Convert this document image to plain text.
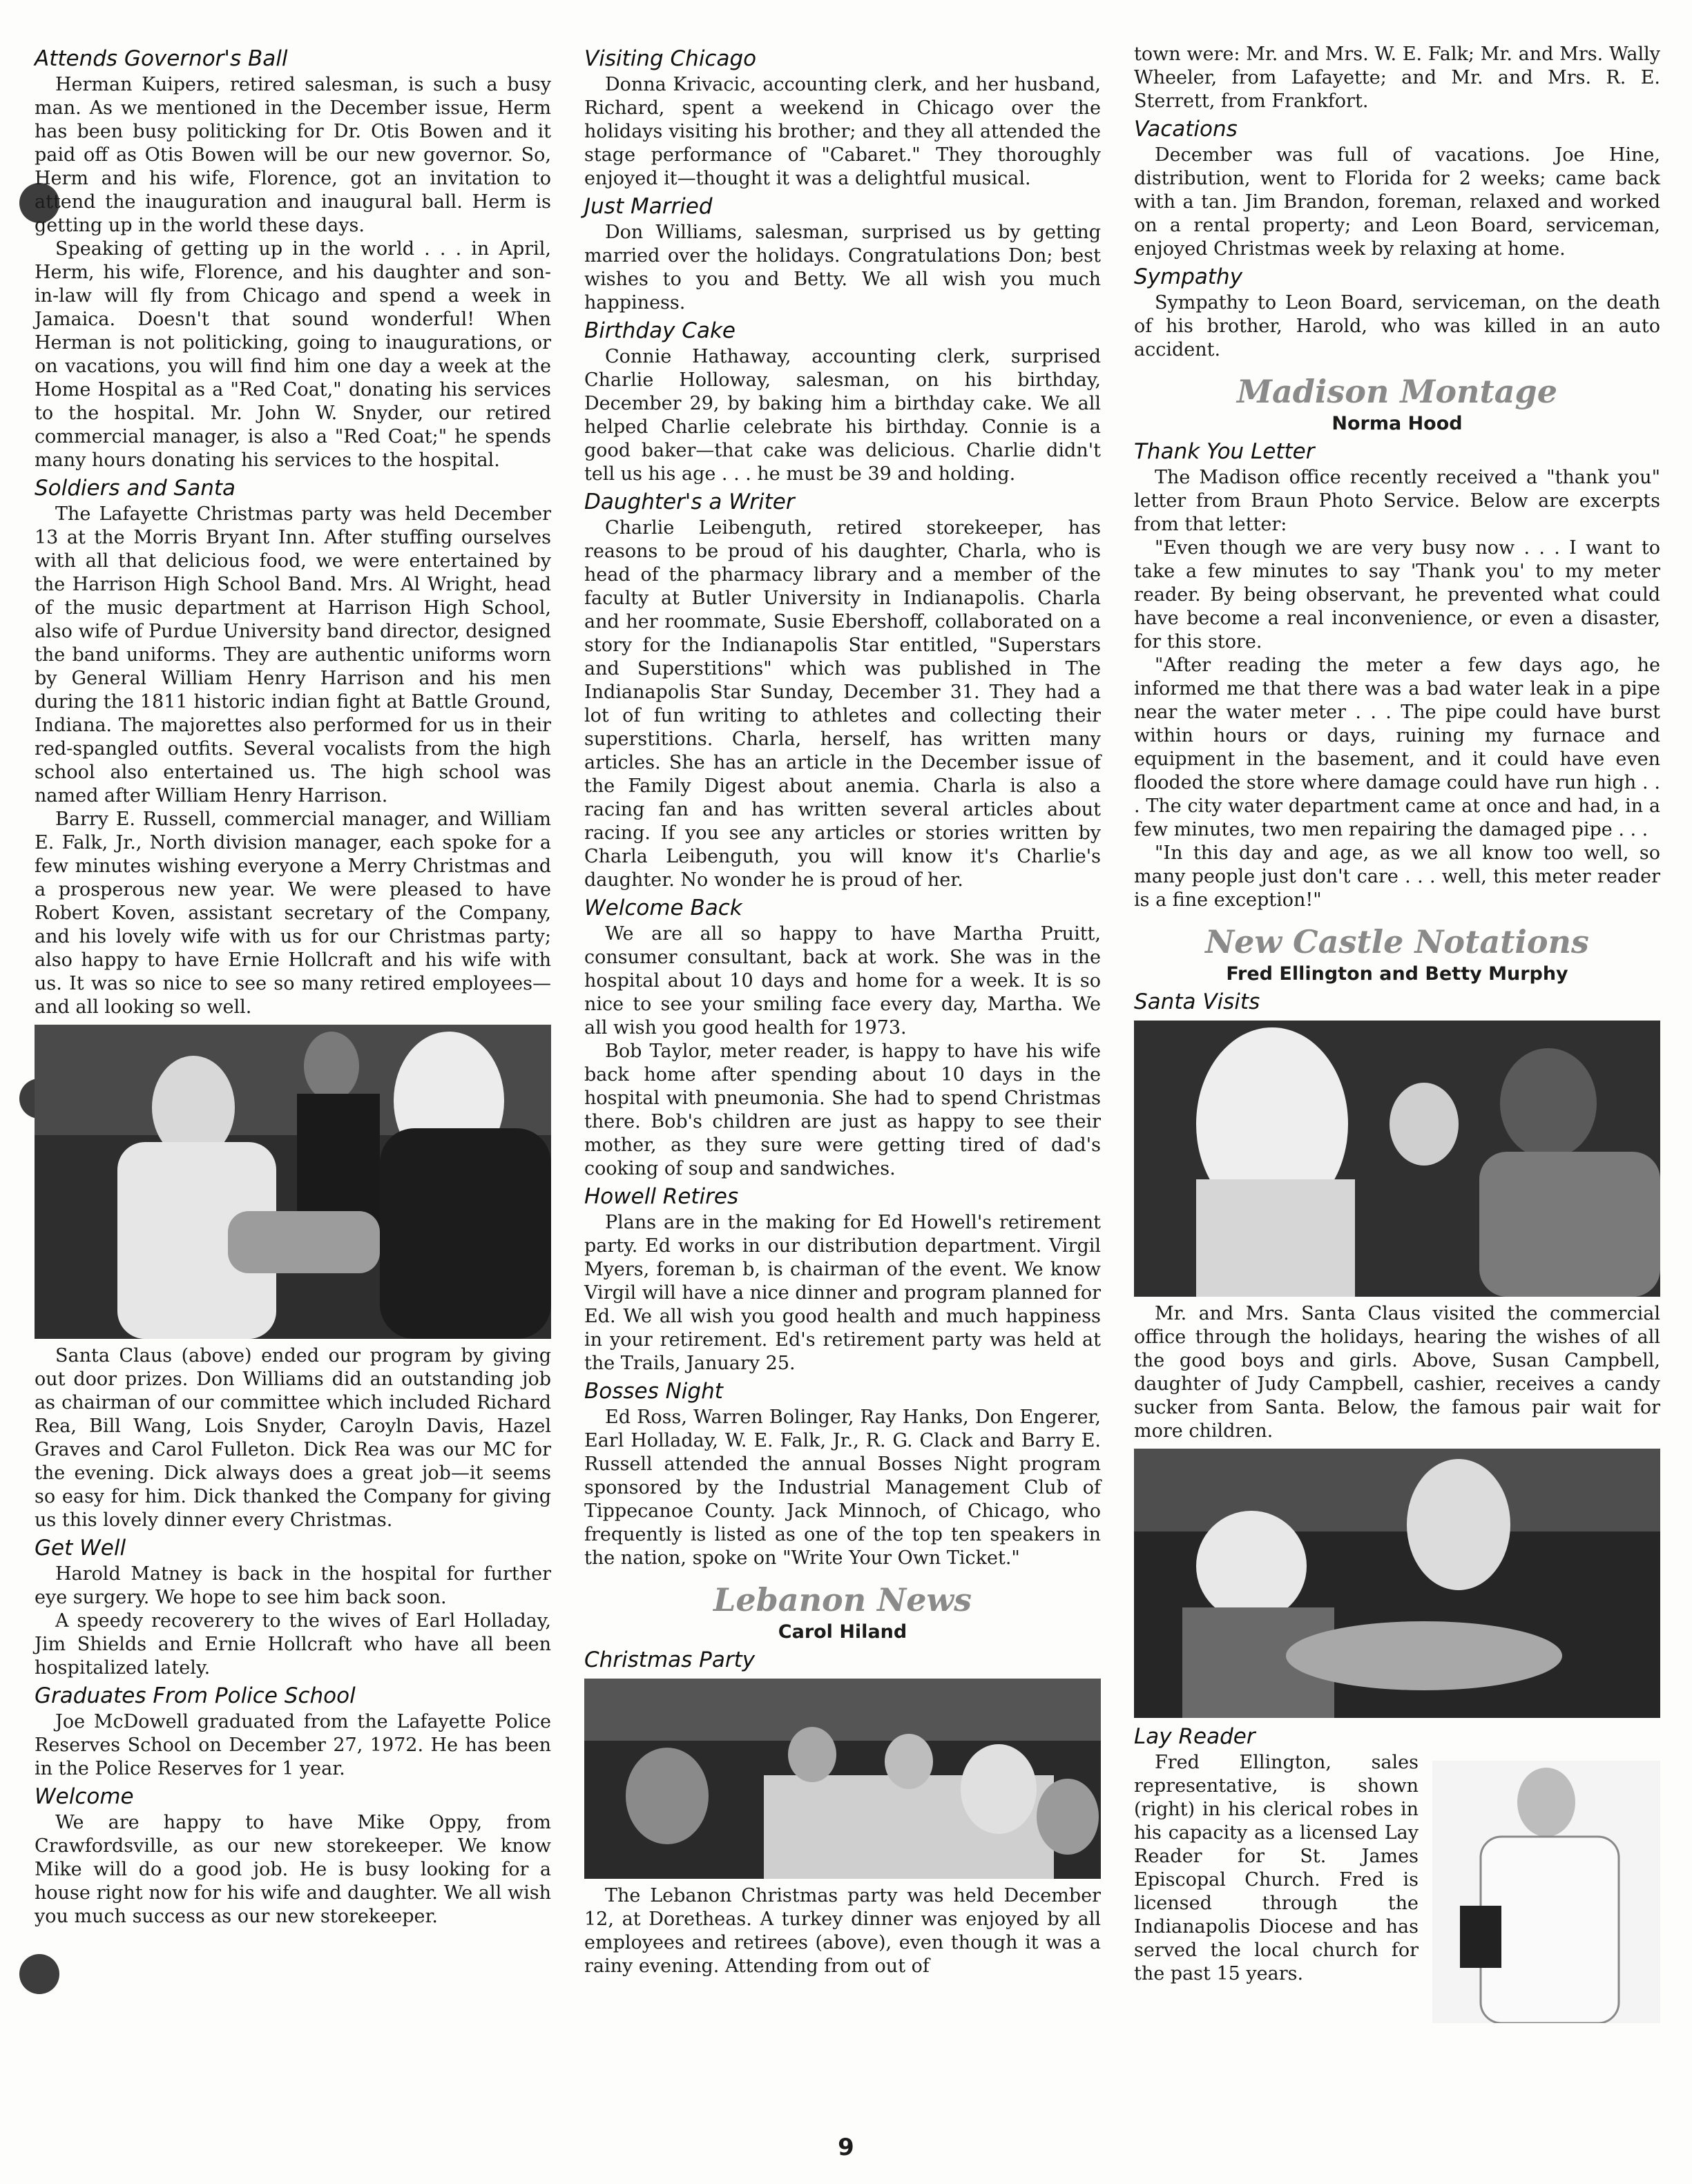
Attends Governor's Ball

Herman Kuipers, retired salesman, is such a busy man. As we mentioned in the December issue, Herm has been busy politicking for Dr. Otis Bowen and it paid off as Otis Bowen will be our new governor. So, Herm and his wife, Florence, got an invitation to attend the inauguration and inaugural ball. Herm is getting up in the world these days.

Speaking of getting up in the world . . . in April, Herm, his wife, Florence, and his daughter and son-in-law will fly from Chicago and spend a week in Jamaica. Doesn't that sound wonderful! When Herman is not politicking, going to inaugurations, or on vacations, you will find him one day a week at the Home Hospital as a "Red Coat," donating his services to the hospital. Mr. John W. Snyder, our retired commercial manager, is also a "Red Coat;" he spends many hours donating his services to the hospital.

Soldiers and Santa

The Lafayette Christmas party was held December 13 at the Morris Bryant Inn. After stuffing ourselves with all that delicious food, we were entertained by the Harrison High School Band. Mrs. Al Wright, head of the music department at Harrison High School, also wife of Purdue University band director, designed the band uniforms. They are authentic uniforms worn by General William Henry Harrison and his men during the 1811 historic indian fight at Battle Ground, Indiana. The majorettes also performed for us in their red-spangled outfits. Several vocalists from the high school also entertained us. The high school was named after William Henry Harrison.

Barry E. Russell, commercial manager, and William E. Falk, Jr., North division manager, each spoke for a few minutes wishing everyone a Merry Christmas and a prosperous new year. We were pleased to have Robert Koven, assistant secretary of the Company, and his lovely wife with us for our Christmas party; also happy to have Ernie Hollcraft and his wife with us. It was so nice to see so many retired employees—and all looking so well.

Santa Claus (above) ended our program by giving out door prizes. Don Williams did an outstanding job as chairman of our committee which included Richard Rea, Bill Wang, Lois Snyder, Caroyln Davis, Hazel Graves and Carol Fulleton. Dick Rea was our MC for the evening. Dick always does a great job—it seems so easy for him. Dick thanked the Company for giving us this lovely dinner every Christmas.

Get Well

Harold Matney is back in the hospital for further eye surgery. We hope to see him back soon.

A speedy recoverery to the wives of Earl Holladay, Jim Shields and Ernie Hollcraft who have all been hospitalized lately.

Graduates From Police School

Joe McDowell graduated from the Lafayette Police Reserves School on December 27, 1972. He has been in the Police Reserves for 1 year.

Welcome

We are happy to have Mike Oppy, from Crawfordsville, as our new storekeeper. We know Mike will do a good job. He is busy looking for a house right now for his wife and daughter. We all wish you much success as our new storekeeper.

Visiting Chicago

Donna Krivacic, accounting clerk, and her husband, Richard, spent a weekend in Chicago over the holidays visiting his brother; and they all attended the stage performance of "Cabaret." They thoroughly enjoyed it—thought it was a delightful musical.

Just Married

Don Williams, salesman, surprised us by getting married over the holidays. Congratulations Don; best wishes to you and Betty. We all wish you much happiness.

Birthday Cake

Connie Hathaway, accounting clerk, surprised Charlie Holloway, salesman, on his birthday, December 29, by baking him a birthday cake. We all helped Charlie celebrate his birthday. Connie is a good baker—that cake was delicious. Charlie didn't tell us his age . . . he must be 39 and holding.

Daughter's a Writer

Charlie Leibenguth, retired storekeeper, has reasons to be proud of his daughter, Charla, who is head of the pharmacy library and a member of the faculty at Butler University in Indianapolis. Charla and her roommate, Susie Ebershoff, collaborated on a story for the Indianapolis Star entitled, "Superstars and Superstitions" which was published in The Indianapolis Star Sunday, December 31. They had a lot of fun writing to athletes and collecting their superstitions. Charla, herself, has written many articles. She has an article in the December issue of the Family Digest about anemia. Charla is also a racing fan and has written several articles about racing. If you see any articles or stories written by Charla Leibenguth, you will know it's Charlie's daughter. No wonder he is proud of her.

Welcome Back

We are all so happy to have Martha Pruitt, consumer consultant, back at work. She was in the hospital about 10 days and home for a week. It is so nice to see your smiling face every day, Martha. We all wish you good health for 1973.

Bob Taylor, meter reader, is happy to have his wife back home after spending about 10 days in the hospital with pneumonia. She had to spend Christmas there. Bob's children are just as happy to see their mother, as they sure were getting tired of dad's cooking of soup and sandwiches.

Howell Retires

Plans are in the making for Ed Howell's retirement party. Ed works in our distribution department. Virgil Myers, foreman b, is chairman of the event. We know Virgil will have a nice dinner and program planned for Ed. We all wish you good health and much happiness in your retirement. Ed's retirement party was held at the Trails, January 25.

Bosses Night

Ed Ross, Warren Bolinger, Ray Hanks, Don Engerer, Earl Holladay, W. E. Falk, Jr., R. G. Clack and Barry E. Russell attended the annual Bosses Night program sponsored by the Industrial Management Club of Tippecanoe County. Jack Minnoch, of Chicago, who frequently is listed as one of the top ten speakers in the nation, spoke on "Write Your Own Ticket."

Lebanon News
Carol Hiland
Christmas Party

The Lebanon Christmas party was held December 12, at Doretheas. A turkey dinner was enjoyed by all employees and retirees (above), even though it was a rainy evening. Attending from out of

town were: Mr. and Mrs. W. E. Falk; Mr. and Mrs. Wally Wheeler, from Lafayette; and Mr. and Mrs. R. E. Sterrett, from Frankfort.

Vacations

December was full of vacations. Joe Hine, distribution, went to Florida for 2 weeks; came back with a tan. Jim Brandon, foreman, relaxed and worked on a rental property; and Leon Board, serviceman, enjoyed Christmas week by relaxing at home.

Sympathy

Sympathy to Leon Board, serviceman, on the death of his brother, Harold, who was killed in an auto accident.

Madison Montage
Norma Hood
Thank You Letter

The Madison office recently received a "thank you" letter from Braun Photo Service. Below are excerpts from that letter:

"Even though we are very busy now . . . I want to take a few minutes to say 'Thank you' to my meter reader. By being observant, he prevented what could have become a real inconvenience, or even a disaster, for this store.

"After reading the meter a few days ago, he informed me that there was a bad water leak in a pipe near the water meter . . . The pipe could have burst within hours or days, ruining my furnace and equipment in the basement, and it could have even flooded the store where damage could have run high . . . The city water department came at once and had, in a few minutes, two men repairing the damaged pipe . . .

"In this day and age, as we all know too well, so many people just don't care . . . well, this meter reader is a fine exception!"

New Castle Notations
Fred Ellington and Betty Murphy
Santa Visits

Mr. and Mrs. Santa Claus visited the commercial office through the holidays, hearing the wishes of all the good boys and girls. Above, Susan Campbell, daughter of Judy Campbell, cashier, receives a candy sucker from Santa. Below, the famous pair wait for more children.

Lay Reader

Fred Ellington, sales representative, is shown (right) in his clerical robes in his capacity as a licensed Lay Reader for St. James Episcopal Church. Fred is licensed through the Indianapolis Diocese and has served the local church for the past 15 years.

9
